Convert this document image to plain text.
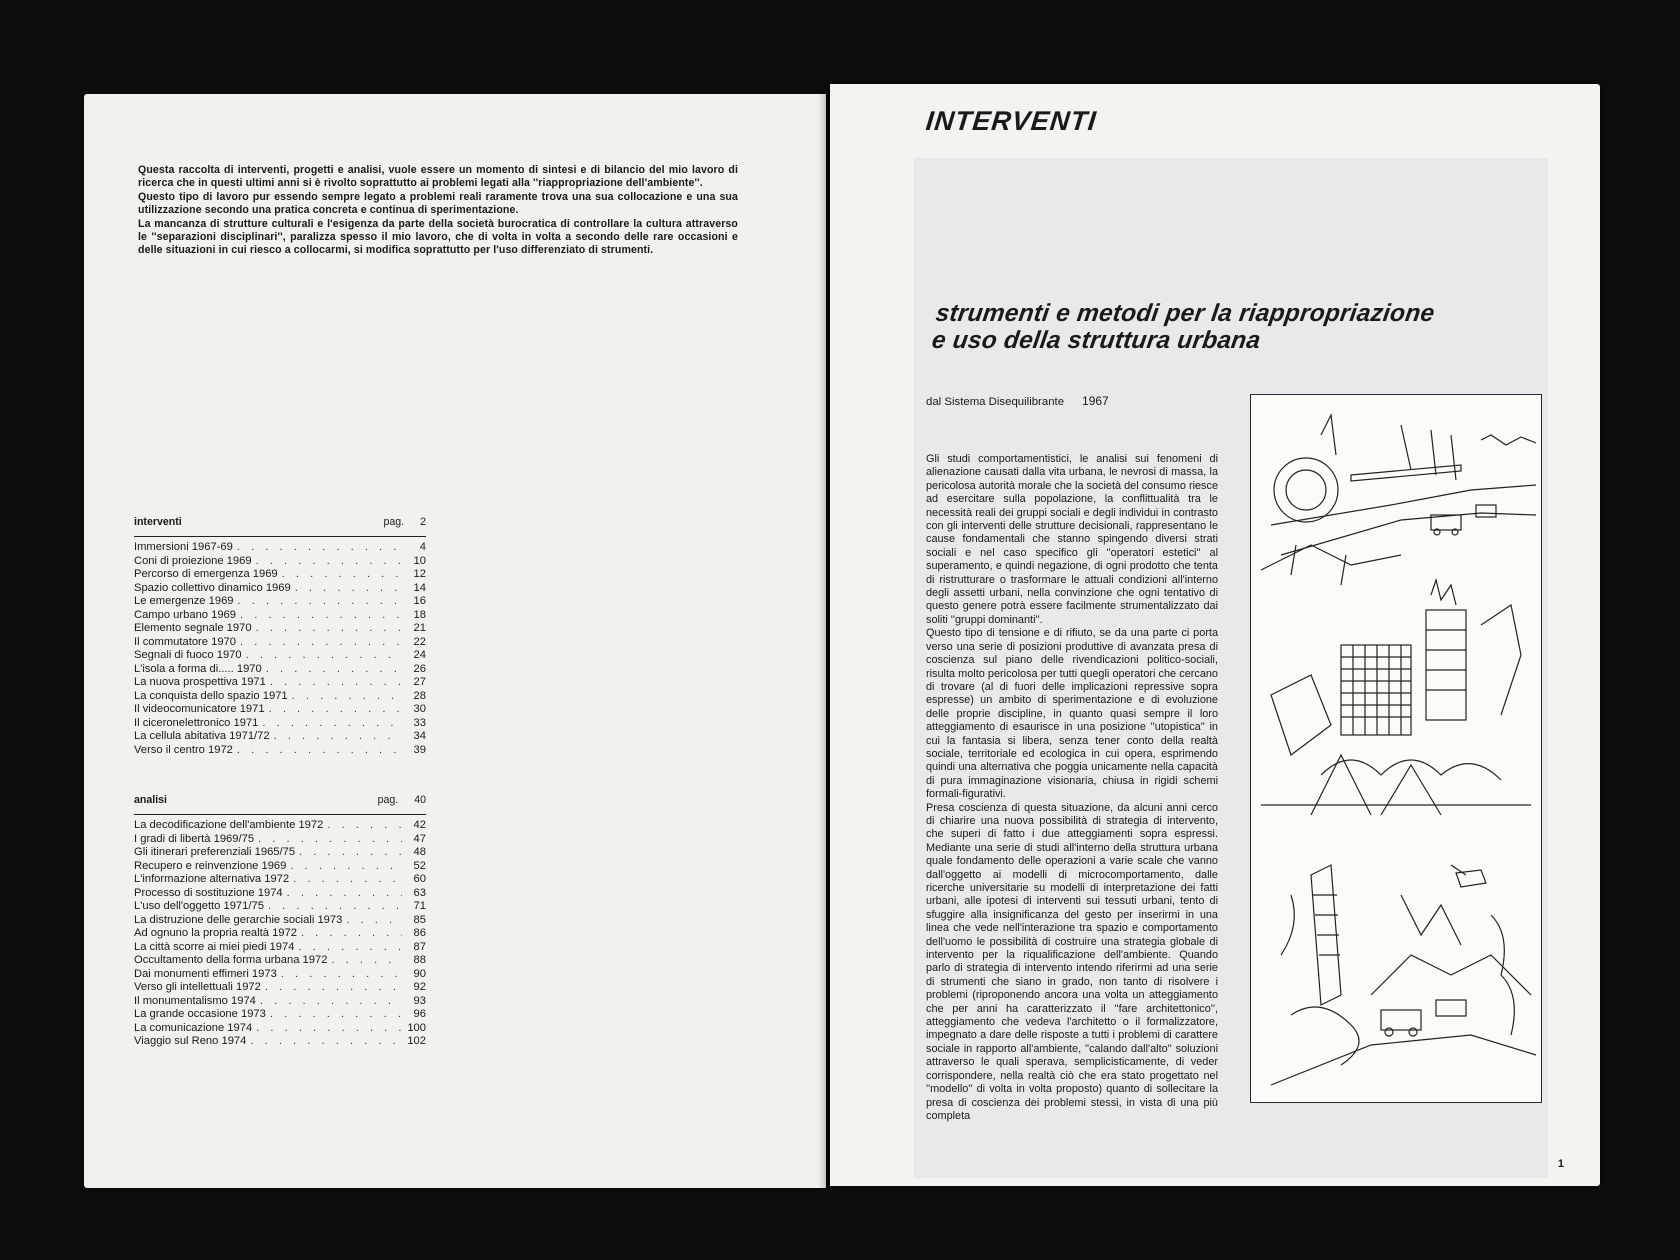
Questa raccolta di interventi, progetti e analisi, vuole essere un momento di sintesi e di bilancio del mio lavoro di ricerca che in questi ultimi anni si è rivolto soprattutto ai problemi legati alla ''riappropriazione dell'ambiente''.

Questo tipo di lavoro pur essendo sempre legato a problemi reali raramente trova una sua collocazione e una sua utilizzazione secondo una pratica concreta e continua di sperimentazione.

La mancanza di strutture culturali e l'esigenza da parte della società burocratica di controllare la cultura attraverso le ''separazioni disciplinari'', paralizza spesso il mio lavoro, che di volta in volta a secondo delle rare occasioni e delle situazioni in cui riesco a collocarmi, si modifica soprattutto per l'uso differenziato di strumenti.

interventi	pag. 2
Immersioni 1967-69 . . .	4
Coni di proiezione 1969 . . .	10
Percorso di emergenza 1969 . . .	12
Spazio collettivo dinamico 1969 . . .	14
Le emergenze 1969 . . .	16
Campo urbano 1969 . . .	18
Elemento segnale 1970 . . .	21
Il commutatore 1970 . . .	22
Segnali di fuoco 1970 . . .	24
L'isola a forma di..... 1970 . . .	26
La nuova prospettiva 1971 . . .	27
La conquista dello spazio 1971 . . .	28
Il videocomunicatore 1971 . . .	30
Il ciceronelettronico 1971 . . .	33
La cellula abitativa 1971/72 . . .	34
Verso il centro 1972 . . .	39
analisi	pag. 40
La decodificazione dell'ambiente 1972 . . .	42
I gradi di libertà 1969/75 . . .	47
Gli itinerari preferenziali 1965/75 . . .	48
Recupero e reinvenzione 1969 . . .	52
L'informazione alternativa 1972 . . .	60
Processo di sostituzione 1974 . . .	63
L'uso dell'oggetto 1971/75 . . .	71
La distruzione delle gerarchie sociali 1973 . . .	85
Ad ognuno la propria realtà 1972 . . .	86
La città scorre ai miei piedi 1974 . . .	87
Occultamento della forma urbana 1972 . . .	88
Dai monumenti effimeri 1973 . . .	90
Verso gli intellettuali 1972 . . .	92
Il monumentalismo 1974 . . .	93
La grande occasione 1973 . . .	96
La comunicazione 1974 . . .	100
Viaggio sul Reno 1974 . . .	102
INTERVENTI
strumenti e metodi per la riappropriazione
e uso della struttura urbana
dal Sistema Disequilibrante 1967

Gli studi comportamentistici, le analisi sui fenomeni di alienazione causati dalla vita urbana, le nevrosi di massa, la pericolosa autorità morale che la società del consumo riesce ad esercitare sulla popolazione, la conflittualità tra le necessità reali dei gruppi sociali e degli individui in contrasto con gli interventi delle strutture decisionali, rappresentano le cause fondamentali che stanno spingendo diversi strati sociali e nel caso specifico gli ''operatori estetici'' al superamento, e quindi negazione, di ogni prodotto che tenta di ristrutturare o trasformare le attuali condizioni all'interno degli assetti urbani, nella convinzione che ogni tentativo di questo genere potrà essere facilmente strumentalizzato dai soliti ''gruppi dominanti''.

Questo tipo di tensione e di rifiuto, se da una parte ci porta verso una serie di posizioni produttive di avanzata presa di coscienza sul piano delle rivendicazioni politico-sociali, risulta molto pericolosa per tutti quegli operatori che cercano di trovare (al di fuori delle implicazioni repressive sopra espresse) un ambito di sperimentazione e di evoluzione delle proprie discipline, in quanto quasi sempre il loro atteggiamento di esaurisce in una posizione ''utopistica'' in cui la fantasia si libera, senza tener conto della realtà sociale, territoriale ed ecologica in cui opera, esprimendo quindi una alternativa che poggia unicamente nella capacità di pura immaginazione visionaria, chiusa in rigidi schemi formali-figurativi.

Presa coscienza di questa situazione, da alcuni anni cerco di chiarire una nuova possibilità di strategia di intervento, che superi di fatto i due atteggiamenti sopra espressi. Mediante una serie di studi all'interno della struttura urbana quale fondamento delle operazioni a varie scale che vanno dall'oggetto ai modelli di microcomportamento, dalle ricerche universitarie su modelli di interpretazione dei fatti urbani, alle ipotesi di interventi sui tessuti urbani, tento di sfuggire alla insignificanza del gesto per inserirmi in una linea che vede nell'interazione tra spazio e comportamento dell'uomo le possibilità di costruire una strategia globale di intervento per la riqualificazione dell'ambiente. Quando parlo di strategia di intervento intendo riferirmi ad una serie di strumenti che siano in grado, non tanto di risolvere i problemi (riproponendo ancora una volta un atteggiamento che per anni ha caratterizzato il ''fare architettonico'', atteggiamento che vedeva l'architetto o il formalizzatore, impegnato a dare delle risposte a tutti i problemi di carattere sociale in rapporto all'ambiente, ''calando dall'alto'' soluzioni attraverso le quali sperava, semplicisticamente, di veder corrispondere, nella realtà ciò che era stato progettato nel ''modello'' di volta in volta proposto) quanto di sollecitare la presa di coscienza dei problemi stessi, in vista di una più completa

1
